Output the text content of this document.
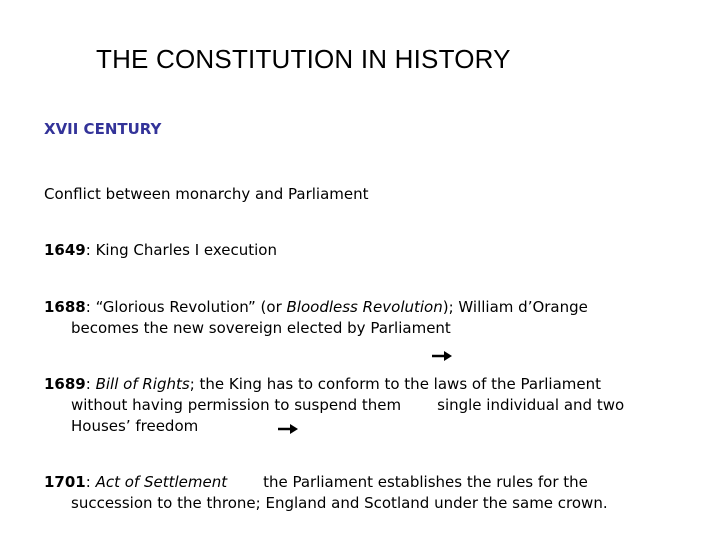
THE CONSTITUTION IN HISTORY
XVII CENTURY
Conflict between monarchy and Parliament
1649: King Charles I execution
1688: “Glorious Revolution” (or Bloodless Revolution); William d’Orange
becomes the new sovereign elected by Parliament
1689: Bill of Rights; the King has to conform to the laws of the Parliament
without having permission to suspend them single individual and two
Houses’ freedom
1701: Act of Settlement the Parliament establishes the rules for the
succession to the throne; England and Scotland under the same crown.
